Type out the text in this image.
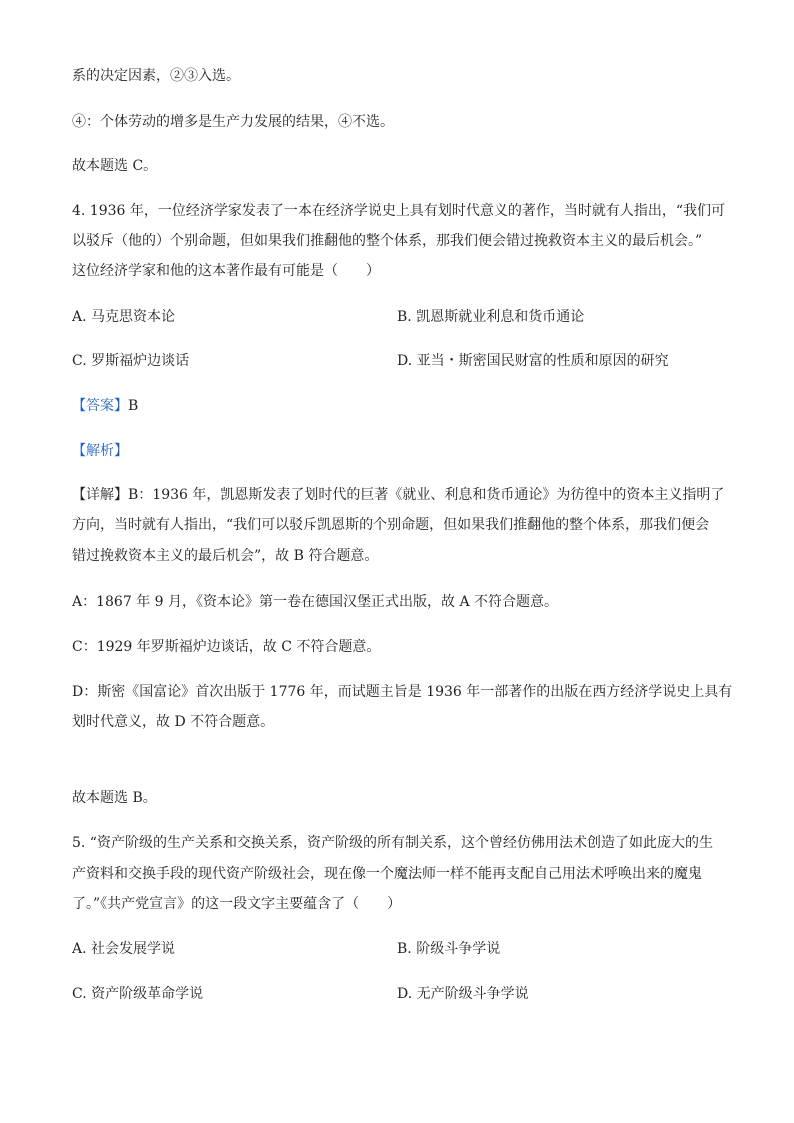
系的决定因素，②③入选。
④：个体劳动的增多是生产力发展的结果，④不选。
故本题选 C。
4. 1936 年，一位经济学家发表了一本在经济学说史上具有划时代意义的著作，当时就有人指出，“我们可
以驳斥（他的）个别命题，但如果我们推翻他的整个体系，那我们便会错过挽救资本主义的最后机会。”
这位经济学家和他的这本著作最有可能是（　　）
A. 马克思资本论	B. 凯恩斯就业利息和货币通论
C. 罗斯福炉边谈话	D. 亚当・斯密国民财富的性质和原因的研究
【答案】B
【解析】
【详解】B：1936 年，凯恩斯发表了划时代的巨著《就业、利息和货币通论》为彷徨中的资本主义指明了
方向，当时就有人指出，“我们可以驳斥凯恩斯的个别命题，但如果我们推翻他的整个体系，那我们便会
错过挽救资本主义的最后机会”，故 B 符合题意。
A：1867 年 9 月，《资本论》第一卷在德国汉堡正式出版，故 A 不符合题意。
C：1929 年罗斯福炉边谈话，故 C 不符合题意。
D：斯密《国富论》首次出版于 1776 年，而试题主旨是 1936 年一部著作的出版在西方经济学说史上具有
划时代意义，故 D 不符合题意。
故本题选 B。
5. “资产阶级的生产关系和交换关系，资产阶级的所有制关系，这个曾经仿佛用法术创造了如此庞大的生
产资料和交换手段的现代资产阶级社会，现在像一个魔法师一样不能再支配自己用法术呼唤出来的魔鬼
了。”《共产党宣言》的这一段文字主要蕴含了（　　）
A. 社会发展学说	B. 阶级斗争学说
C. 资产阶级革命学说	D. 无产阶级斗争学说
